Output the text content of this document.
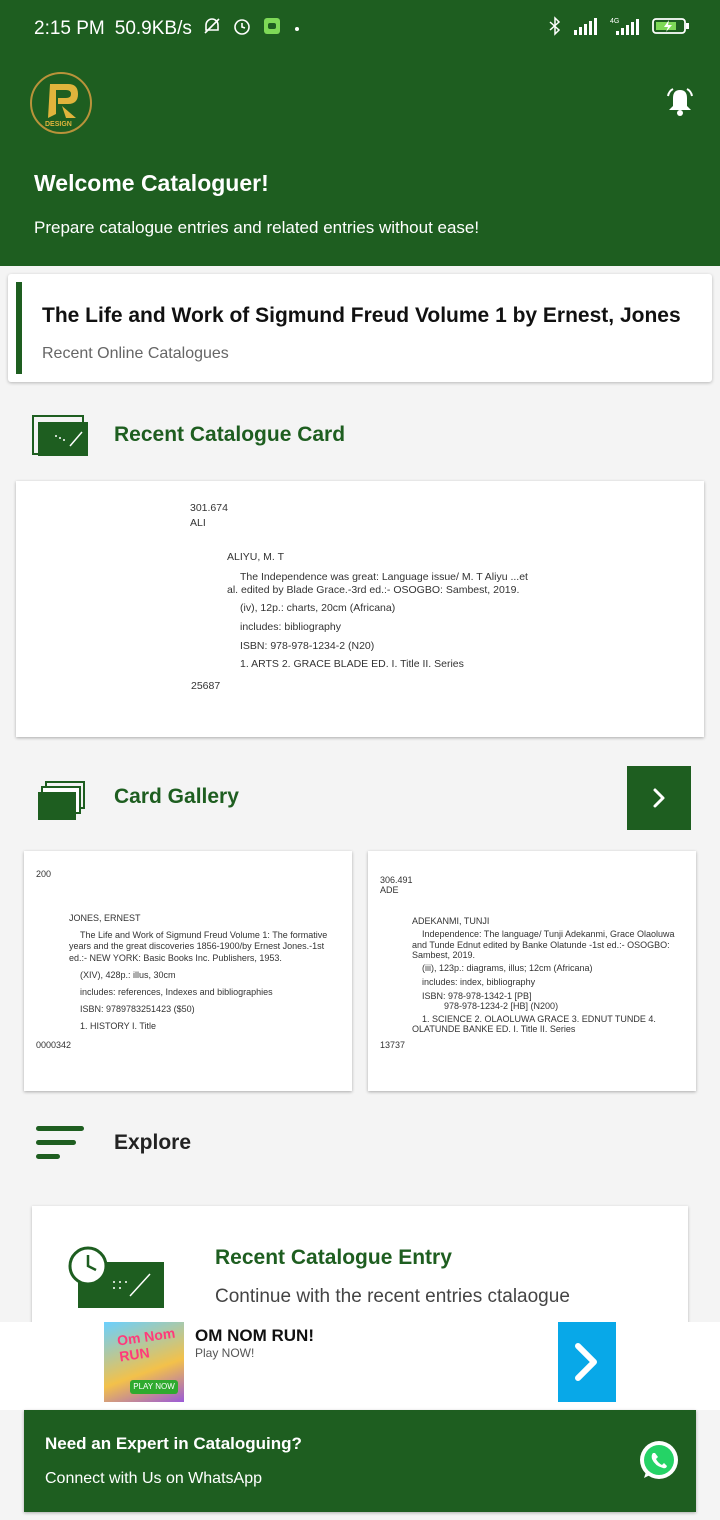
2:15 PM 50.9KB/s	4G
DESIGN
Welcome Cataloguer!
Prepare catalogue entries and related entries without ease!
The Life and Work of Sigmund Freud Volume 1 by Ernest, Jones
Recent Online Catalogues
Recent Catalogue Card

301.674

ALI

ALIYU, M. T

The Independence was great: Language issue/ M. T Aliyu ...et

al. edited by Blade Grace.-3rd ed.:- OSOGBO: Sambest, 2019.

(iv), 12p.: charts, 20cm (Africana)

includes: bibliography

ISBN: 978-978-1234-2 (N20)

1. ARTS 2. GRACE BLADE ED. I. Title II. Series

25687

Card Gallery

200

JONES, ERNEST

The Life and Work of Sigmund Freud Volume 1: The formative

years and the great discoveries 1856-1900/by Ernest Jones.-1st

ed.:- NEW YORK: Basic Books Inc. Publishers, 1953.

(XIV), 428p.: illus, 30cm

includes: references, Indexes and bibliographies

ISBN: 9789783251423 ($50)

1. HISTORY I. Title

0000342

306.491

ADE

ADEKANMI, TUNJI

Independence: The language/ Tunji Adekanmi, Grace Olaoluwa

and Tunde Ednut edited by Banke Olatunde -1st ed.:- OSOGBO:

Sambest, 2019.

(iii), 123p.: diagrams, illus; 12cm (Africana)

includes: index, bibliography

ISBN: 978-978-1342-1 [PB]

978-978-1234-2 [HB] (N200)

1. SCIENCE 2. OLAOLUWA GRACE 3. EDNUT TUNDE 4.

OLATUNDE BANKE ED. I. Title II. Series

13737

Explore
Recent Catalogue Entry
Continue with the recent entries ctalaogue
Om Nom RUN
PLAY NOW
OM NOM RUN!
Play NOW!
Need an Expert in Cataloguing?
Connect with Us on WhatsApp
